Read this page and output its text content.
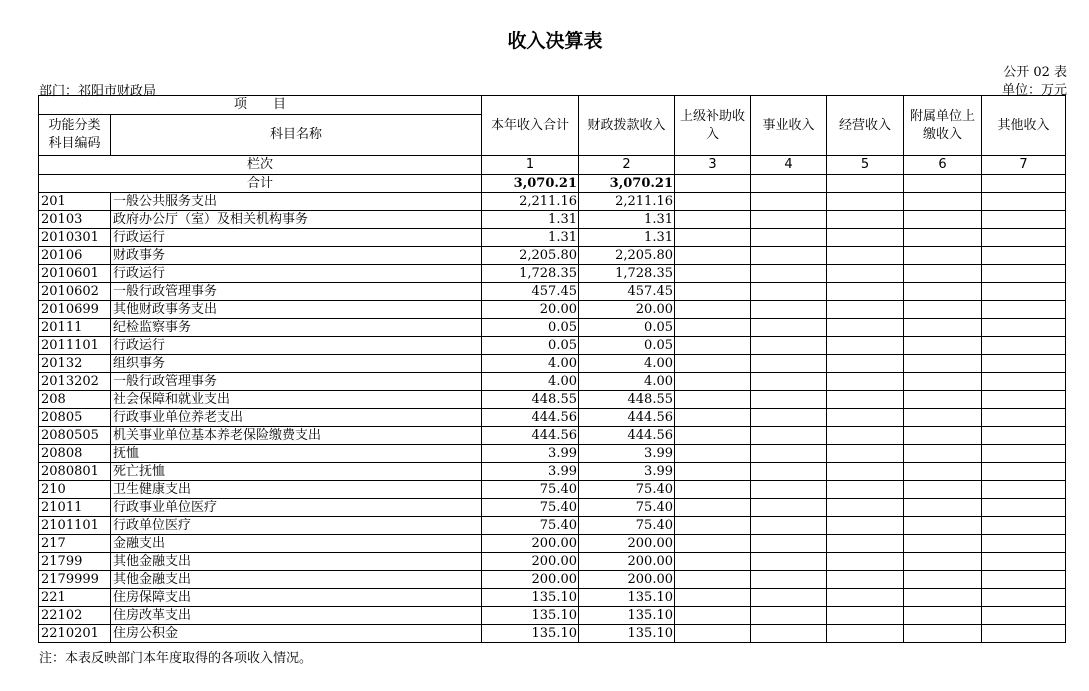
收入决算表
公开 02 表
单位：万元
部门：祁阳市财政局
项　　目		本年收入合计	财政拨款收入	上级补助收入	事业收入	经营收入	附属单位上缴收入	其他收入
功能分类科目编码	科目名称							
栏次		1	2	3	4	5	6	7
合计		3,070.21	3,070.21					
201	一般公共服务支出	2,211.16	2,211.16					
20103	政府办公厅（室）及相关机构事务	1.31	1.31					
2010301	行政运行	1.31	1.31					
20106	财政事务	2,205.80	2,205.80					
2010601	行政运行	1,728.35	1,728.35					
2010602	一般行政管理事务	457.45	457.45					
2010699	其他财政事务支出	20.00	20.00					
20111	纪检监察事务	0.05	0.05					
2011101	行政运行	0.05	0.05					
20132	组织事务	4.00	4.00					
2013202	一般行政管理事务	4.00	4.00					
208	社会保障和就业支出	448.55	448.55					
20805	行政事业单位养老支出	444.56	444.56					
2080505	机关事业单位基本养老保险缴费支出	444.56	444.56					
20808	抚恤	3.99	3.99					
2080801	死亡抚恤	3.99	3.99					
210	卫生健康支出	75.40	75.40					
21011	行政事业单位医疗	75.40	75.40					
2101101	行政单位医疗	75.40	75.40					
217	金融支出	200.00	200.00					
21799	其他金融支出	200.00	200.00					
2179999	其他金融支出	200.00	200.00					
221	住房保障支出	135.10	135.10					
22102	住房改革支出	135.10	135.10					
2210201	住房公积金	135.10	135.10					
注：本表反映部门本年度取得的各项收入情况。
